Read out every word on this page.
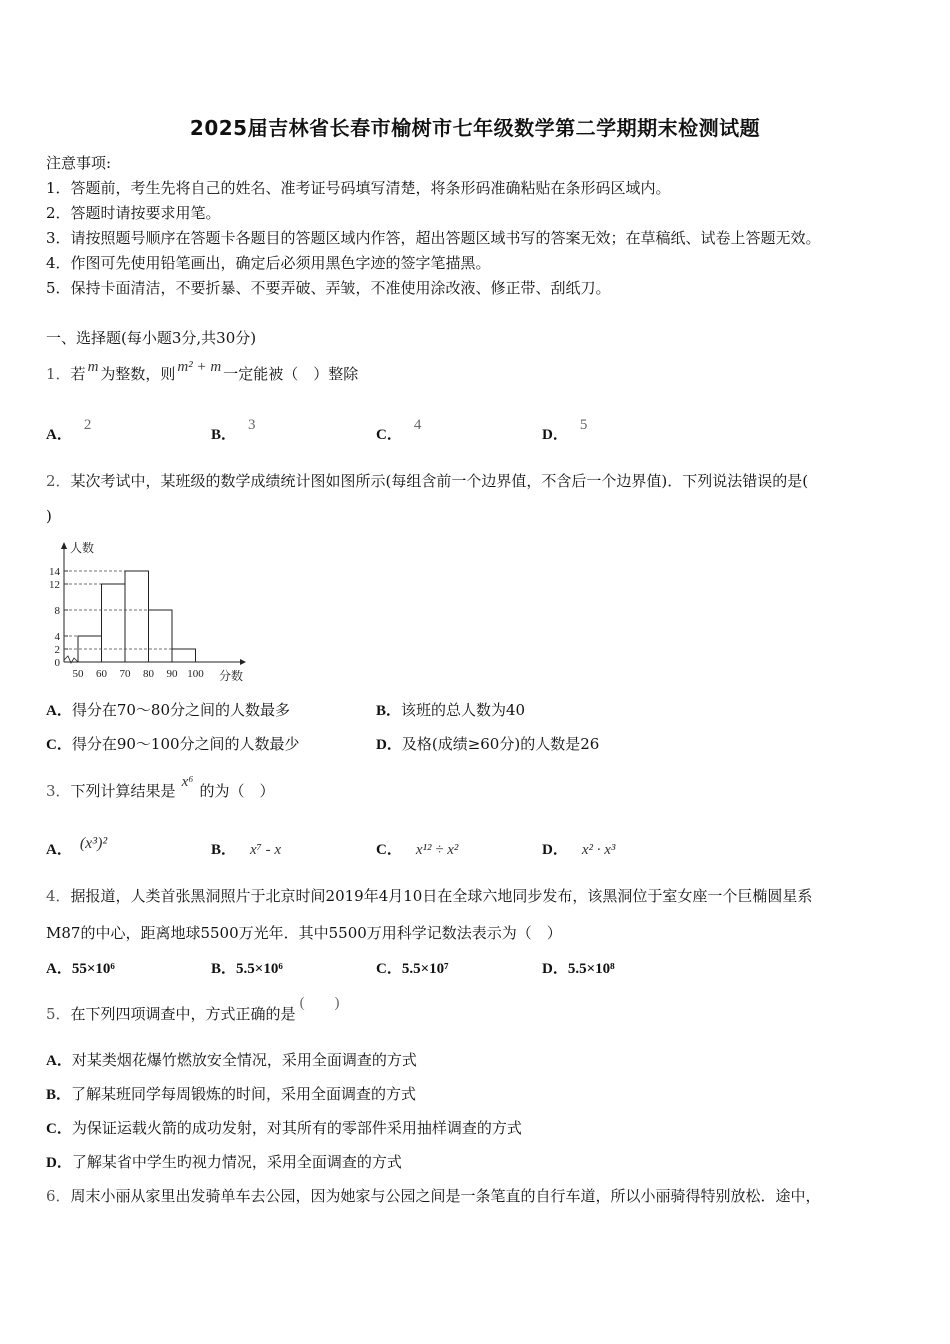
2025届吉林省长春市榆树市七年级数学第二学期期末检测试题
注意事项:
1．答题前，考生先将自己的姓名、准考证号码填写清楚，将条形码准确粘贴在条形码区域内。
2．答题时请按要求用笔。
3．请按照题号顺序在答题卡各题目的答题区域内作答，超出答题区域书写的答案无效；在草稿纸、试卷上答题无效。
4．作图可先使用铅笔画出，确定后必须用黑色字迹的签字笔描黑。
5．保持卡面清洁，不要折暴、不要弄破、弄皱，不准使用涂改液、修正带、刮纸刀。
一、选择题(每小题3分,共30分)
1．若 m 为整数，则 m² + m 一定能被（　）整除
A．2
B．3
C．4
D．5
2．某次考试中，某班级的数学成绩统计图如图所示(每组含前一个边界值，不含后一个边界值)．下列说法错误的是(
)
0
2
4
8
12
14
50 60 70 80 90 100
人数
分数
A．得分在70～80分之间的人数最多	B．该班的总人数为40
C．得分在90～100分之间的人数最少	D．及格(成绩≥60分)的人数是26
3．下列计算结果是 x⁶ 的为（　）
A． (x³)²	B． x⁷ - x	C． x¹² ÷ x²	D． x² · x³
4．据报道，人类首张黑洞照片于北京时间2019年4月10日在全球六地同步发布，该黑洞位于室女座一个巨椭圆星系
M87的中心，距离地球5500万光年．其中5500万用科学记数法表示为（　）
A．55×10⁶	B．5.5×10⁶	C．5.5×10⁷	D．5.5×10⁸
5．在下列四项调查中，方式正确的是(　　)
A．对某类烟花爆竹燃放安全情况，采用全面调查的方式
B．了解某班同学每周锻炼的时间，采用全面调查的方式
C．为保证运载火箭的成功发射，对其所有的零部件采用抽样调查的方式
D．了解某省中学生旳视力情况，采用全面调查的方式
6．周末小丽从家里出发骑单车去公园，因为她家与公园之间是一条笔直的自行车道，所以小丽骑得特别放松．途中，
